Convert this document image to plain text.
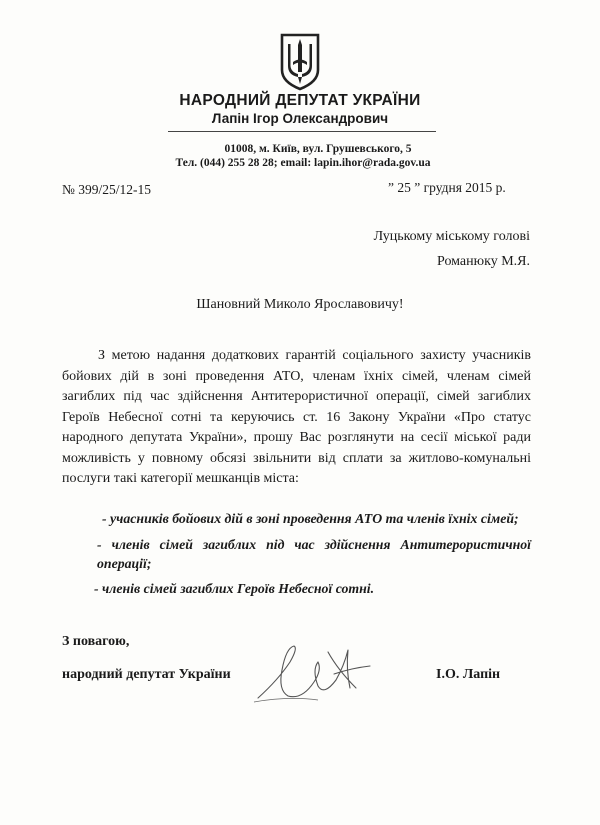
НАРОДНИЙ ДЕПУТАТ УКРАЇНИ
Лапін Ігор Олександрович
01008, м. Київ, вул. Грушевського, 5
Тел. (044) 255 28 28; email: lapin.ihor@rada.gov.ua
№ 399/25/12-15	” 25 ” грудня 2015 р.
Луцькому міському голові
Романюку М.Я.
Шановний Миколо Ярославовичу!
З метою надання додаткових гарантій соціального захисту учасників бойових дій в зоні проведення АТО, членам їхніх сімей, членам сімей загиблих під час здійснення Антитерористичної операції, сімей загиблих Героїв Небесної сотні та керуючись ст. 16 Закону України «Про статус народного депутата України», прошу Вас розглянути на сесії міської ради можливість у повному обсязі звільнити від сплати за житлово-комунальні послуги такі категорії мешканців міста:
- учасників бойових дій в зоні проведення АТО та членів їхніх сімей;
- членів сімей загиблих під час здійснення Антитерористичної операції;
- членів сімей загиблих Героїв Небесної сотні.
З повагою,
народний депутат України	І.О. Лапін
